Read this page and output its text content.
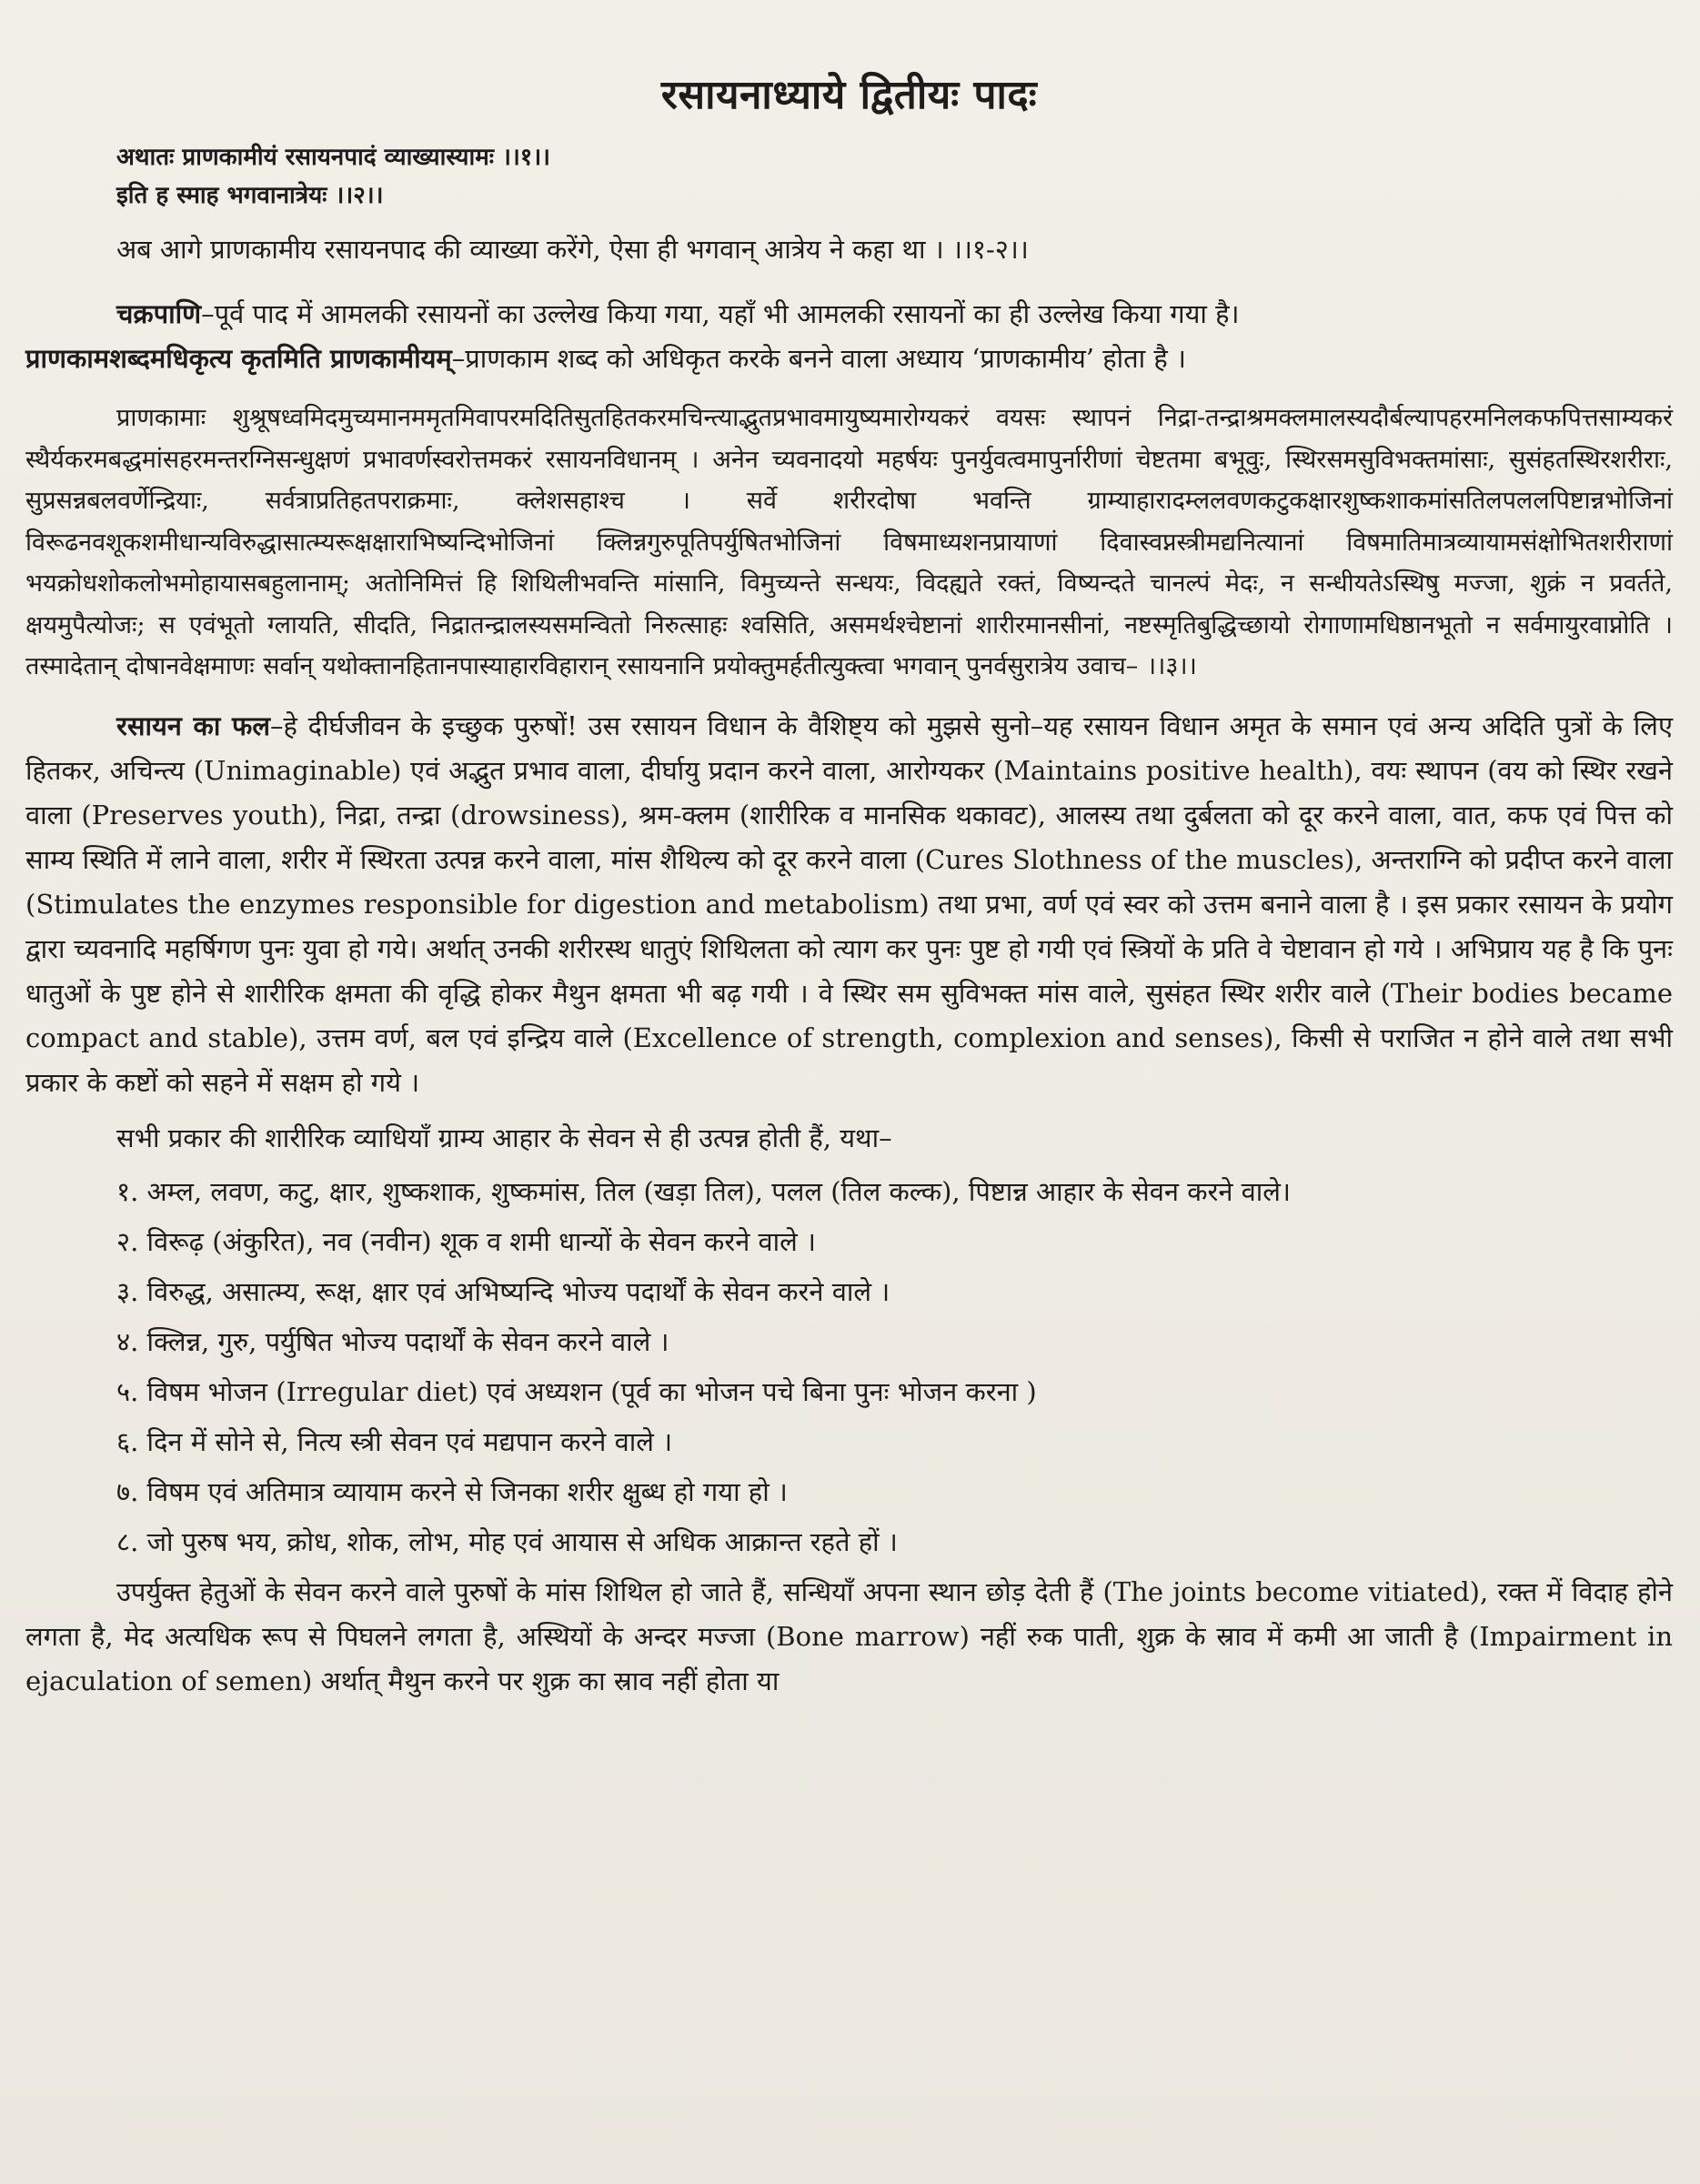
रसायनाध्याये द्वितीयः पादः
अथातः प्राणकामीयं रसायनपादं व्याख्यास्यामः ।।१।।
इति ह स्माह भगवानात्रेयः ।।२।।

अब आगे प्राणकामीय रसायनपाद की व्याख्या करेंगे, ऐसा ही भगवान् आत्रेय ने कहा था । ।।१-२।।

चक्रपाणि–पूर्व पाद में आमलकी रसायनों का उल्लेख किया गया, यहाँ भी आमलकी रसायनों का ही उल्लेख किया गया है।

प्राणकामशब्दमधिकृत्य कृतमिति प्राणकामीयम्–प्राणकाम शब्द को अधिकृत करके बनने वाला अध्याय ‘प्राणकामीय’ होता है ।

प्राणकामाः शुश्रूषध्वमिदमुच्यमानममृतमिवापरमदितिसुतहितकरमचिन्त्याद्भुतप्रभावमायुष्यमारोग्यकरं वयसः स्थापनं निद्रा-तन्द्राश्रमक्लमालस्यदौर्बल्यापहरमनिलकफपित्तसाम्यकरं स्थैर्यकरमबद्धमांसहरमन्तरग्निसन्धुक्षणं प्रभावर्णस्वरोत्तमकरं रसायनविधानम् । अनेन च्यवनादयो महर्षयः पुनर्युवत्वमापुर्नारीणां चेष्टतमा बभूवुः, स्थिरसमसुविभक्तमांसाः, सुसंहतस्थिरशरीराः, सुप्रसन्नबलवर्णेन्द्रियाः, सर्वत्राप्रतिहतपराक्रमाः, क्लेशसहाश्च । सर्वे शरीरदोषा भवन्ति ग्राम्याहारादम्ललवणकटुकक्षारशुष्कशाकमांसतिलपललपिष्टान्नभोजिनां विरूढनवशूकशमीधान्यविरुद्धासात्म्यरूक्षक्षाराभिष्यन्दिभोजिनां क्लिन्नगुरुपूतिपर्युषितभोजिनां विषमाध्यशनप्रायाणां दिवास्वप्नस्त्रीमद्यनित्यानां विषमातिमात्रव्यायामसंक्षोभितशरीराणां भयक्रोधशोकलोभमोहायासबहुलानाम्; अतोनिमित्तं हि शिथिलीभवन्ति मांसानि, विमुच्यन्ते सन्धयः, विदह्यते रक्तं, विष्यन्दते चानल्पं मेदः, न सन्धीयतेऽस्थिषु मज्जा, शुक्रं न प्रवर्तते, क्षयमुपैत्योजः; स एवंभूतो ग्लायति, सीदति, निद्रातन्द्रालस्यसमन्वितो निरुत्साहः श्वसिति, असमर्थश्चेष्टानां शारीरमानसीनां, नष्टस्मृतिबुद्धिच्छायो रोगाणामधिष्ठानभूतो न सर्वमायुरवाप्नोति । तस्मादेतान् दोषानवेक्षमाणः सर्वान् यथोक्तानहितानपास्याहारविहारान् रसायनानि प्रयोक्तुमर्हतीत्युक्त्वा भगवान् पुनर्वसुरात्रेय उवाच– ।।३।।

रसायन का फल–हे दीर्घजीवन के इच्छुक पुरुषों! उस रसायन विधान के वैशिष्ट्य को मुझसे सुनो–यह रसायन विधान अमृत के समान एवं अन्य अदिति पुत्रों के लिए हितकर, अचिन्त्य (Unimaginable) एवं अद्भुत प्रभाव वाला, दीर्घायु प्रदान करने वाला, आरोग्यकर (Maintains positive health), वयः स्थापन (वय को स्थिर रखने वाला (Preserves youth), निद्रा, तन्द्रा (drowsiness), श्रम-क्लम (शारीरिक व मानसिक थकावट), आलस्य तथा दुर्बलता को दूर करने वाला, वात, कफ एवं पित्त को साम्य स्थिति में लाने वाला, शरीर में स्थिरता उत्पन्न करने वाला, मांस शैथिल्य को दूर करने वाला (Cures Slothness of the muscles), अन्तराग्नि को प्रदीप्त करने वाला (Stimulates the enzymes responsible for digestion and metabolism) तथा प्रभा, वर्ण एवं स्वर को उत्तम बनाने वाला है । इस प्रकार रसायन के प्रयोग द्वारा च्यवनादि महर्षिगण पुनः युवा हो गये। अर्थात् उनकी शरीरस्थ धातुएं शिथिलता को त्याग कर पुनः पुष्ट हो गयी एवं स्त्रियों के प्रति वे चेष्टावान हो गये । अभिप्राय यह है कि पुनः धातुओं के पुष्ट होने से शारीरिक क्षमता की वृद्धि होकर मैथुन क्षमता भी बढ़ गयी । वे स्थिर सम सुविभक्त मांस वाले, सुसंहत स्थिर शरीर वाले (Their bodies became compact and stable), उत्तम वर्ण, बल एवं इन्द्रिय वाले (Excellence of strength, complexion and senses), किसी से पराजित न होने वाले तथा सभी प्रकार के कष्टों को सहने में सक्षम हो गये ।

सभी प्रकार की शारीरिक व्याधियाँ ग्राम्य आहार के सेवन से ही उत्पन्न होती हैं, यथा–

१. अम्ल, लवण, कटु, क्षार, शुष्कशाक, शुष्कमांस, तिल (खड़ा तिल), पलल (तिल कल्क), पिष्टान्न आहार के सेवन करने वाले।
२. विरूढ़ (अंकुरित), नव (नवीन) शूक व शमी धान्यों के सेवन करने वाले ।
३. विरुद्ध, असात्म्य, रूक्ष, क्षार एवं अभिष्यन्दि भोज्य पदार्थों के सेवन करने वाले ।
४. क्लिन्न, गुरु, पर्युषित भोज्य पदार्थों के सेवन करने वाले ।
५. विषम भोजन (Irregular diet) एवं अध्यशन (पूर्व का भोजन पचे बिना पुनः भोजन करना )
६. दिन में सोने से, नित्य स्त्री सेवन एवं मद्यपान करने वाले ।
७. विषम एवं अतिमात्र व्यायाम करने से जिनका शरीर क्षुब्ध हो गया हो ।
८. जो पुरुष भय, क्रोध, शोक, लोभ, मोह एवं आयास से अधिक आक्रान्त रहते हों ।

उपर्युक्त हेतुओं के सेवन करने वाले पुरुषों के मांस शिथिल हो जाते हैं, सन्धियाँ अपना स्थान छोड़ देती हैं (The joints become vitiated), रक्त में विदाह होने लगता है, मेद अत्यधिक रूप से पिघलने लगता है, अस्थियों के अन्दर मज्जा (Bone marrow) नहीं रुक पाती, शुक्र के स्राव में कमी आ जाती है (Impairment in ejaculation of semen) अर्थात् मैथुन करने पर शुक्र का स्राव नहीं होता या
